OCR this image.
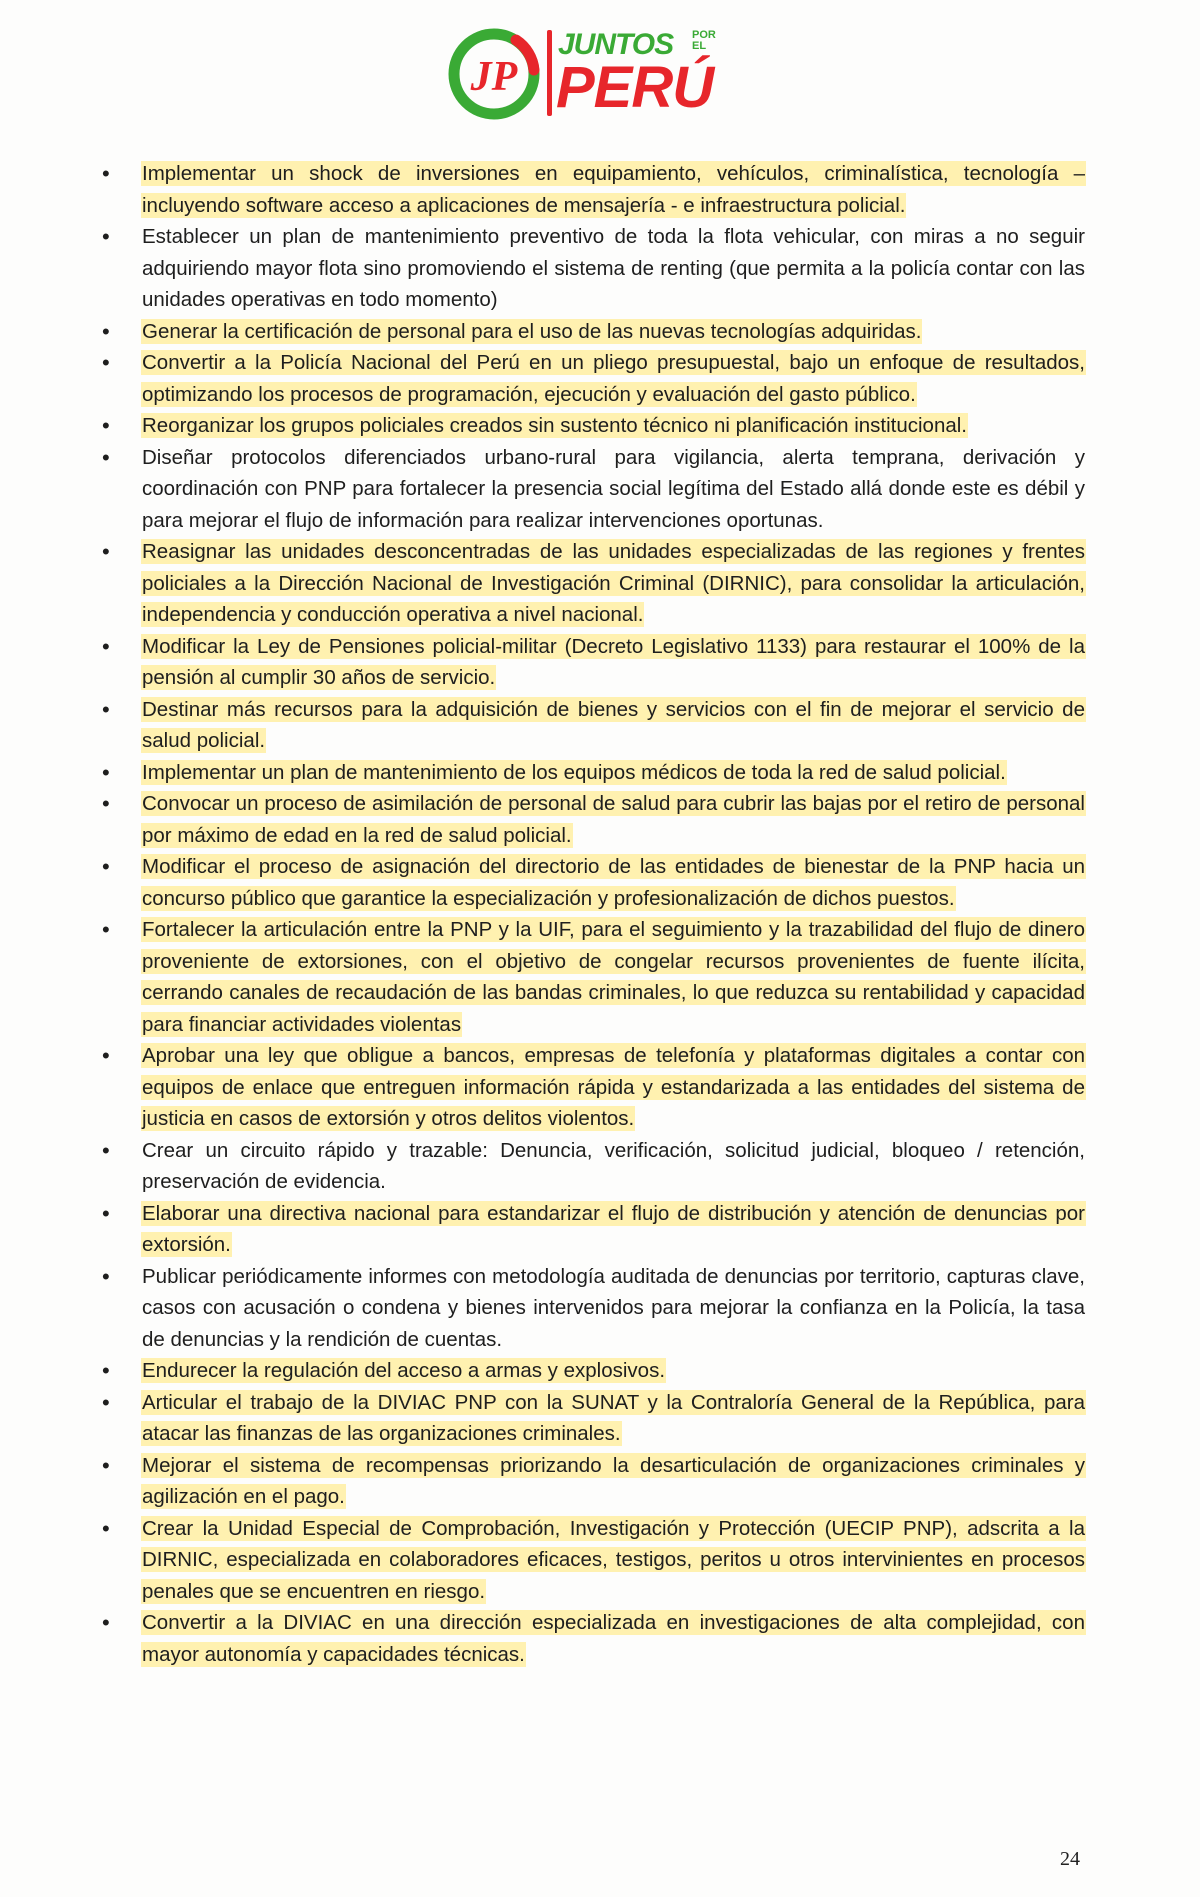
JP
JUNTOS POR EL
PERÚ
• Implementar un shock de inversiones en equipamiento, vehículos, criminalística, tecnología – incluyendo software acceso a aplicaciones de mensajería - e infraestructura policial.
• Establecer un plan de mantenimiento preventivo de toda la flota vehicular, con miras a no seguir adquiriendo mayor flota sino promoviendo el sistema de renting (que permita a la policía contar con las unidades operativas en todo momento)
• Generar la certificación de personal para el uso de las nuevas tecnologías adquiridas.
• Convertir a la Policía Nacional del Perú en un pliego presupuestal, bajo un enfoque de resultados, optimizando los procesos de programación, ejecución y evaluación del gasto público.
• Reorganizar los grupos policiales creados sin sustento técnico ni planificación institucional.
• Diseñar protocolos diferenciados urbano-rural para vigilancia, alerta temprana, derivación y coordinación con PNP para fortalecer la presencia social legítima del Estado allá donde este es débil y para mejorar el flujo de información para realizar intervenciones oportunas.
• Reasignar las unidades desconcentradas de las unidades especializadas de las regiones y frentes policiales a la Dirección Nacional de Investigación Criminal (DIRNIC), para consolidar la articulación, independencia y conducción operativa a nivel nacional.
• Modificar la Ley de Pensiones policial-militar (Decreto Legislativo 1133) para restaurar el 100% de la pensión al cumplir 30 años de servicio.
• Destinar más recursos para la adquisición de bienes y servicios con el fin de mejorar el servicio de salud policial.
• Implementar un plan de mantenimiento de los equipos médicos de toda la red de salud policial.
• Convocar un proceso de asimilación de personal de salud para cubrir las bajas por el retiro de personal por máximo de edad en la red de salud policial.
• Modificar el proceso de asignación del directorio de las entidades de bienestar de la PNP hacia un concurso público que garantice la especialización y profesionalización de dichos puestos.
• Fortalecer la articulación entre la PNP y la UIF, para el seguimiento y la trazabilidad del flujo de dinero proveniente de extorsiones, con el objetivo de congelar recursos provenientes de fuente ilícita, cerrando canales de recaudación de las bandas criminales, lo que reduzca su rentabilidad y capacidad para financiar actividades violentas
• Aprobar una ley que obligue a bancos, empresas de telefonía y plataformas digitales a contar con equipos de enlace que entreguen información rápida y estandarizada a las entidades del sistema de justicia en casos de extorsión y otros delitos violentos.
• Crear un circuito rápido y trazable: Denuncia, verificación, solicitud judicial, bloqueo / retención, preservación de evidencia.
• Elaborar una directiva nacional para estandarizar el flujo de distribución y atención de denuncias por extorsión.
• Publicar periódicamente informes con metodología auditada de denuncias por territorio, capturas clave, casos con acusación o condena y bienes intervenidos para mejorar la confianza en la Policía, la tasa de denuncias y la rendición de cuentas.
• Endurecer la regulación del acceso a armas y explosivos.
• Articular el trabajo de la DIVIAC PNP con la SUNAT y la Contraloría General de la República, para atacar las finanzas de las organizaciones criminales.
• Mejorar el sistema de recompensas priorizando la desarticulación de organizaciones criminales y agilización en el pago.
• Crear la Unidad Especial de Comprobación, Investigación y Protección (UECIP PNP), adscrita a la DIRNIC, especializada en colaboradores eficaces, testigos, peritos u otros intervinientes en procesos penales que se encuentren en riesgo.
• Convertir a la DIVIAC en una dirección especializada en investigaciones de alta complejidad, con mayor autonomía y capacidades técnicas.
24
